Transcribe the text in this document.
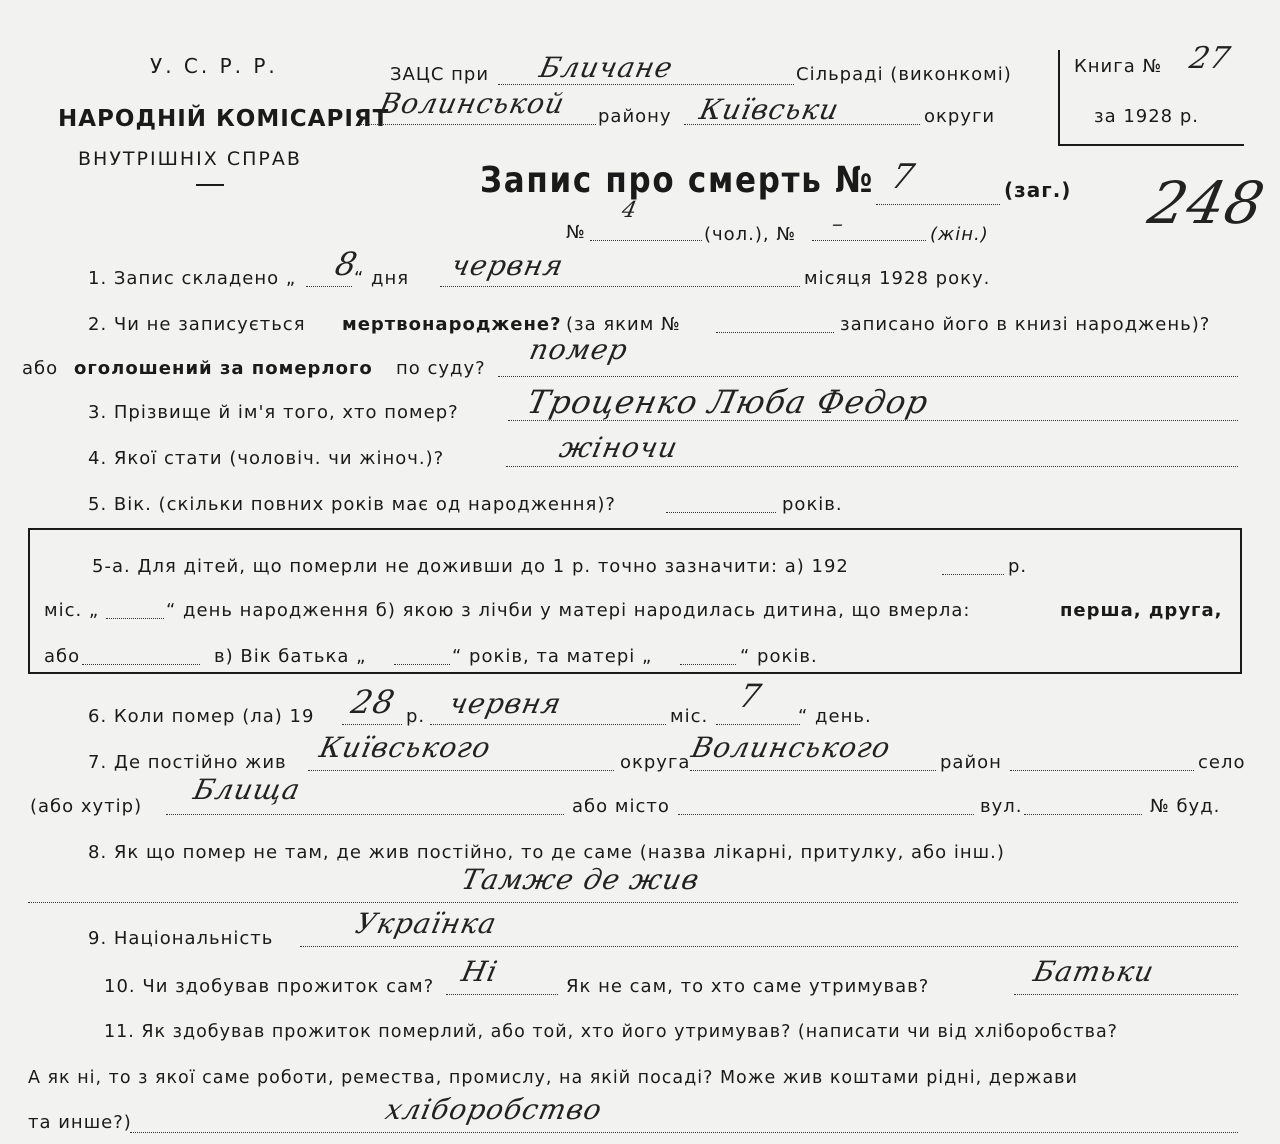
У. С. Р. Р.
НАРОДНІЙ КОМІСАРІЯТ
ВНУТРІШНІХ СПРАВ
ЗАЦС при Бличане	Сільраді (виконкомі)
Волинськой району Київськи	округи
Книга № 27
за 1928 р.
Запис про смерть № 7	(заг.) 248
№
4
(чол.), № –	(жін.)
1. Запис складено „ 8
“ дня червня	місяця 1928 року.
2. Чи не записується мертвонароджене? (за яким №	записано його в книзі народжень)?
або оголошений за померлого по суду?
помер
3. Прізвище й ім'я того, хто помер? Троценко Люба Федор
4. Якої стати (чоловіч. чи жіноч.)?	жіночи
5. Вік. (скільки повних років має од народження)?	років.
5-а. Для дітей, що померли не доживши до 1 р. точно зазначити: а) 192	р.
міс. „	“ день народження б) якою з лічби у матері народилась дитина, що вмерла:	перша, друга,
або	в) Вік батька „	“ років, та матері „	“ років.
6. Коли помер (ла) 19 28 р. червня	міс.
7
“ день.
7. Де постійно жив Київського	округа
Волинського	район	село
(або хутір)
Блища
або місто	вул.	№ буд.
8. Як що помер не там, де жив постійно, то де саме (назва лікарні, притулку, або інш.)
Тамже де жив
9. Національність	Українка
10. Чи здобував прожиток сам? Ні	Як не сам, то хто саме утримував?	Батьки
11. Як здобував прожиток померлий, або той, хто його утримував? (написати чи від хліборобства?
А як ні, то з якої саме роботи, ремества, промислу, на якій посаді? Може жив коштами рідні, держави
та инше?)	хліборобство
